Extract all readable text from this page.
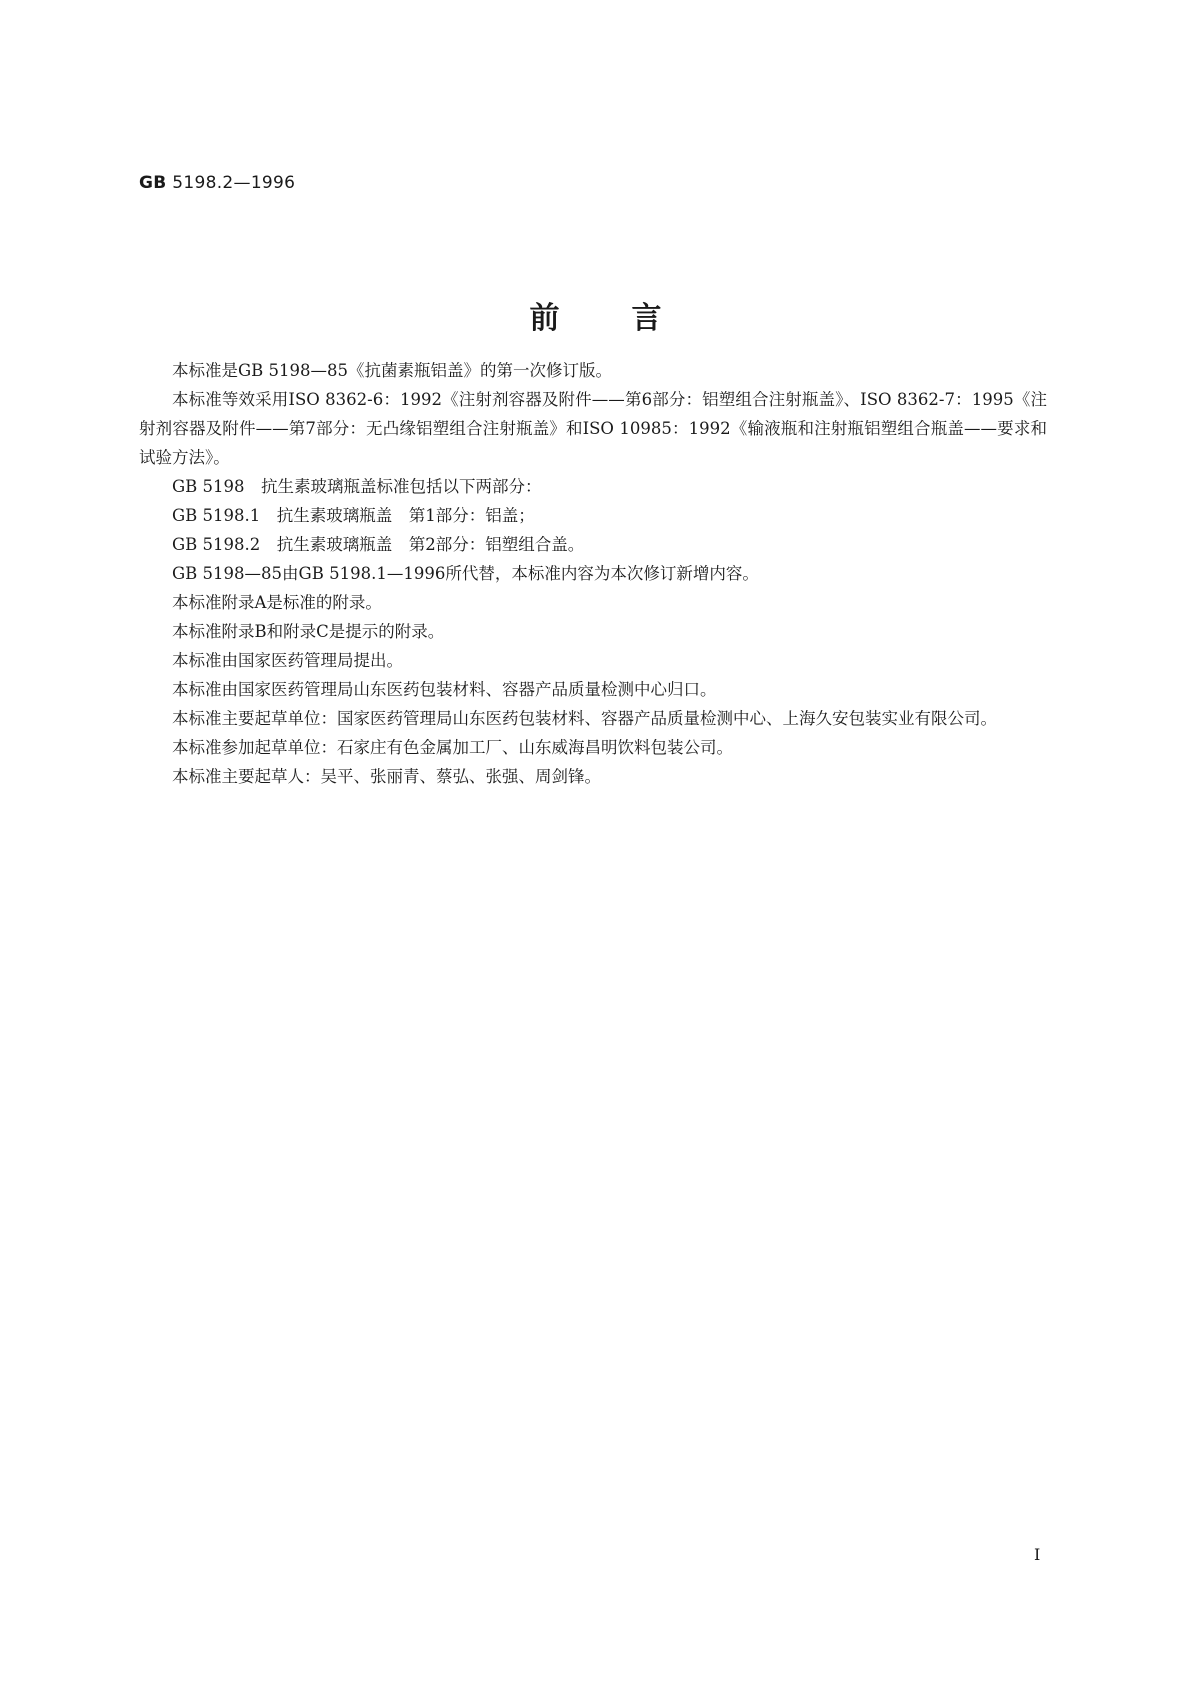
GB 5198.2—1996
前言

本标准是GB 5198—85《抗菌素瓶铝盖》的第一次修订版。

本标准等效采用ISO 8362-6：1992《注射剂容器及附件——第6部分：铝塑组合注射瓶盖》、ISO 8362-7：1995《注射剂容器及附件——第7部分：无凸缘铝塑组合注射瓶盖》和ISO 10985：1992《输液瓶和注射瓶铝塑组合瓶盖——要求和试验方法》。

GB 5198　抗生素玻璃瓶盖标准包括以下两部分：

GB 5198.1　抗生素玻璃瓶盖　第1部分：铝盖；

GB 5198.2　抗生素玻璃瓶盖　第2部分：铝塑组合盖。

GB 5198—85由GB 5198.1—1996所代替，本标准内容为本次修订新增内容。

本标准附录A是标准的附录。

本标准附录B和附录C是提示的附录。

本标准由国家医药管理局提出。

本标准由国家医药管理局山东医药包装材料、容器产品质量检测中心归口。

本标准主要起草单位：国家医药管理局山东医药包装材料、容器产品质量检测中心、上海久安包装实业有限公司。

本标准参加起草单位：石家庄有色金属加工厂、山东威海昌明饮料包装公司。

本标准主要起草人：吴平、张丽青、蔡弘、张强、周剑锋。

I
